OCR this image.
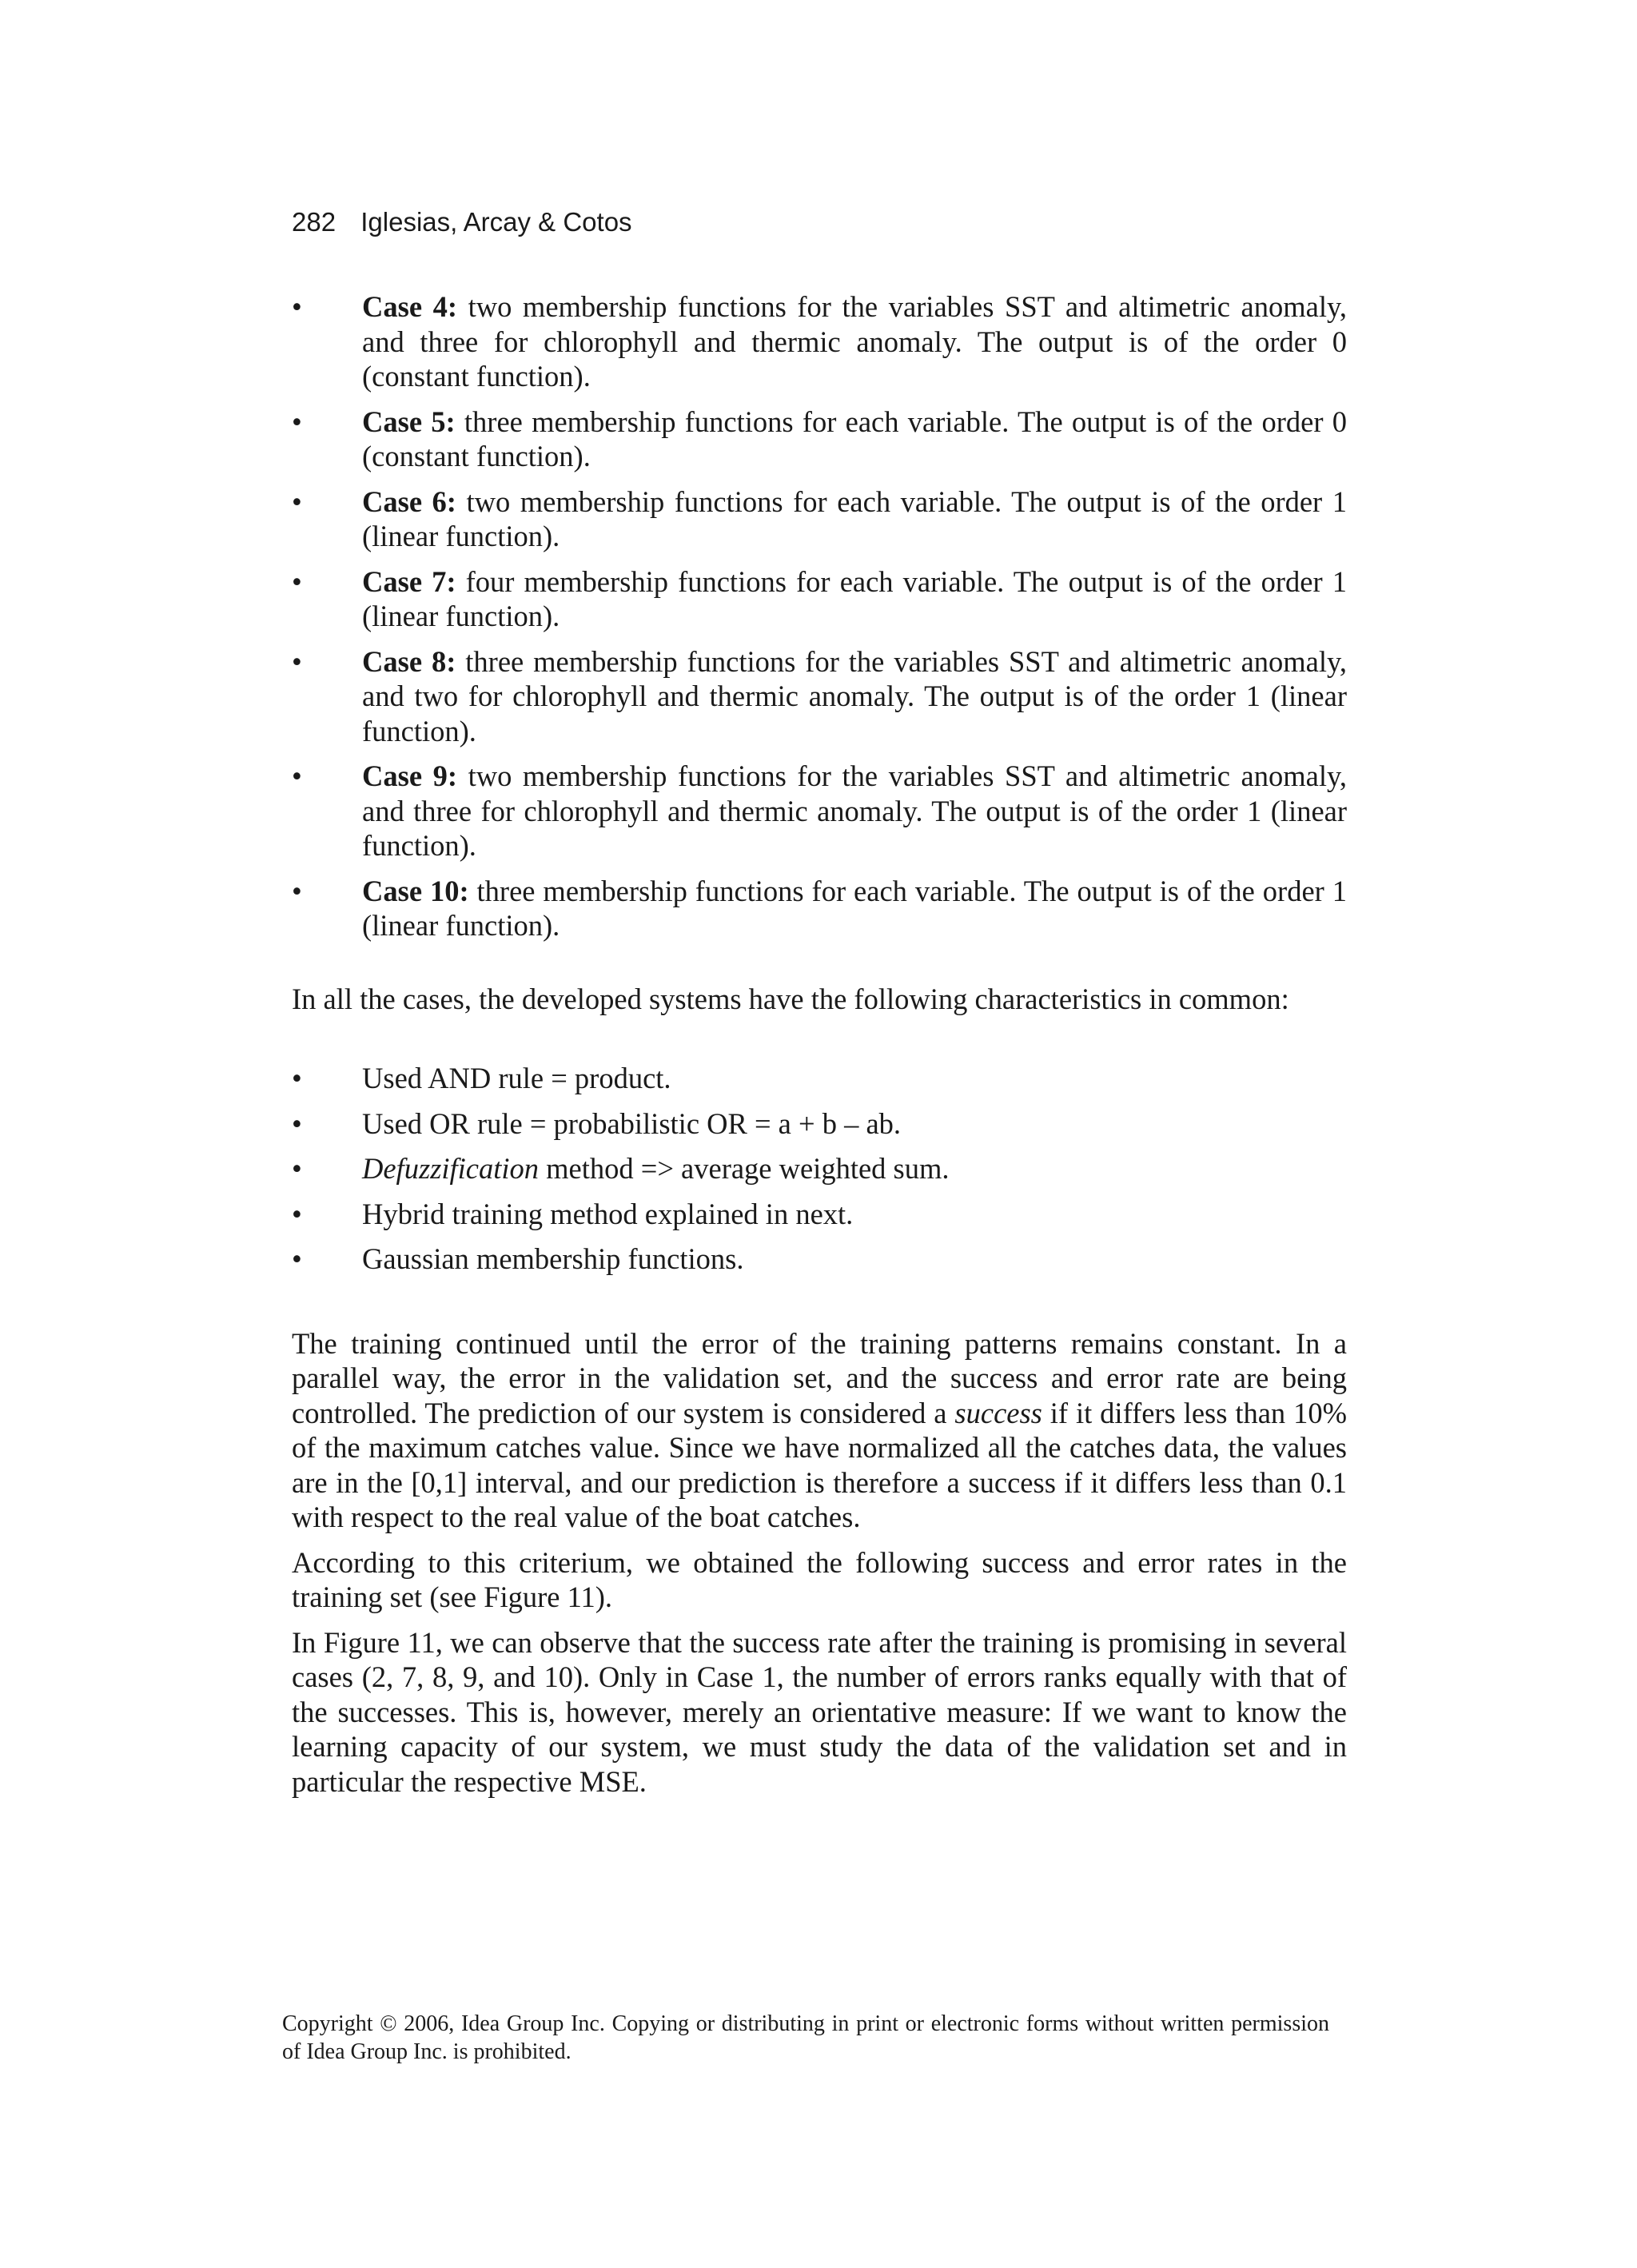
282 Iglesias, Arcay & Cotos
• Case 4: two membership functions for the variables SST and altimetric anomaly, and three for chlorophyll and thermic anomaly. The output is of the order 0 (constant function).
• Case 5: three membership functions for each variable. The output is of the order 0 (constant function).
• Case 6: two membership functions for each variable. The output is of the order 1 (linear function).
• Case 7: four membership functions for each variable. The output is of the order 1 (linear function).
• Case 8: three membership functions for the variables SST and altimetric anomaly, and two for chlorophyll and thermic anomaly. The output is of the order 1 (linear function).
• Case 9: two membership functions for the variables SST and altimetric anomaly, and three for chlorophyll and thermic anomaly. The output is of the order 1 (linear function).
• Case 10: three membership functions for each variable. The output is of the order 1 (linear function).

In all the cases, the developed systems have the following characteristics in common:

• Used AND rule = product.
• Used OR rule = probabilistic OR = a + b – ab.
• Defuzzification method => average weighted sum.
• Hybrid training method explained in next.
• Gaussian membership functions.

The training continued until the error of the training patterns remains constant. In a parallel way, the error in the validation set, and the success and error rate are being controlled. The prediction of our system is considered a success if it differs less than 10% of the maximum catches value. Since we have normalized all the catches data, the values are in the [0,1] interval, and our prediction is therefore a success if it differs less than 0.1 with respect to the real value of the boat catches.

According to this criterium, we obtained the following success and error rates in the training set (see Figure 11).

In Figure 11, we can observe that the success rate after the training is promising in several cases (2, 7, 8, 9, and 10). Only in Case 1, the number of errors ranks equally with that of the successes. This is, however, merely an orientative measure: If we want to know the learning capacity of our system, we must study the data of the validation set and in particular the respective MSE.

Copyright © 2006, Idea Group Inc. Copying or distributing in print or electronic forms without written permission of Idea Group Inc. is prohibited.
